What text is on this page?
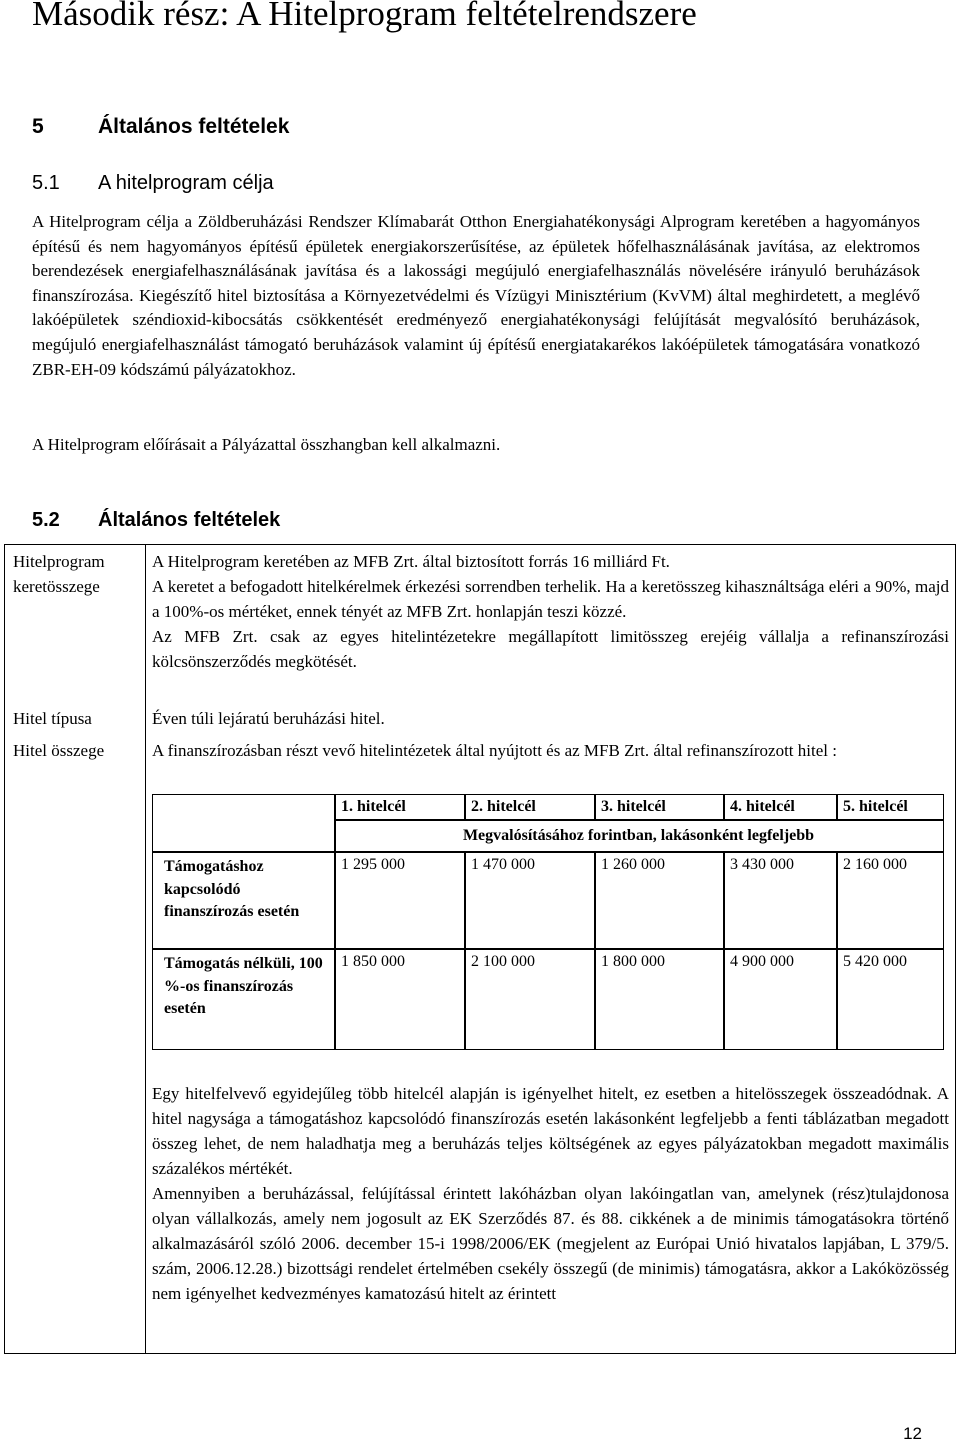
Második rész: A Hitelprogram feltételrendszere
5	Általános feltételek
5.1 A hitelprogram célja

A Hitelprogram célja a Zöldberuházási Rendszer Klímabarát Otthon Energiahatékonysági Alprogram keretében a hagyományos építésű és nem hagyományos építésű épületek energiakorszerűsítése, az épületek hőfelhasználásának javítása, az elektromos berendezések energiafelhasználásának javítása és a lakossági megújuló energiafelhasználás növelésére irányuló beruházások finanszírozása. Kiegészítő hitel biztosítása a Környezetvédelmi és Vízügyi Minisztérium (KvVM) által meghirdetett, a meglévő lakóépületek széndioxid-kibocsátás csökkentését eredményező energiahatékonysági felújítását megvalósító beruházások, megújuló energiafelhasználást támogató beruházások valamint új építésű energiatakarékos lakóépületek támogatására vonatkozó ZBR-EH-09 kódszámú pályázatokhoz.

A Hitelprogram előírásait a Pályázattal összhangban kell alkalmazni.

5.2 Általános feltételek
Hitelprogram
keretösszege

A Hitelprogram keretében az MFB Zrt. által biztosított forrás 16 milliárd Ft.

A keretet a befogadott hitelkérelmek érkezési sorrendben terhelik. Ha a keretösszeg kihasználtsága eléri a 90%, majd a 100%-os mértéket, ennek tényét az MFB Zrt. honlapján teszi közzé.

Az MFB Zrt. csak az egyes hitelintézetekre megállapított limitösszeg erejéig vállalja a refinanszírozási kölcsönszerződés megkötését.

Hitel típusa	Éven túli lejáratú beruházási hitel.
Hitel összege	A finanszírozásban részt vevő hitelintézetek által nyújtott és az MFB Zrt. által refinanszírozott hitel :
1. hitelcél	2. hitelcél	3. hitelcél	4. hitelcél	5. hitelcél
Megvalósításához forintban, lakásonként legfeljebb
Támogatáshoz kapcsolódó finanszírozás esetén
1 295 000	1 470 000	1 260 000	3 430 000	2 160 000
Támogatás nélküli, 100 %-os finanszírozás esetén
1 850 000	2 100 000	1 800 000	4 900 000	5 420 000

Egy hitelfelvevő egyidejűleg több hitelcél alapján is igényelhet hitelt, ez esetben a hitelösszegek összeadódnak. A hitel nagysága a támogatáshoz kapcsolódó finanszírozás esetén lakásonként legfeljebb a fenti táblázatban megadott összeg lehet, de nem haladhatja meg a beruházás teljes költségének az egyes pályázatokban megadott maximális százalékos mértékét.

Amennyiben a beruházással, felújítással érintett lakóházban olyan lakóingatlan van, amelynek (rész)tulajdonosa olyan vállalkozás, amely nem jogosult az EK Szerződés 87. és 88. cikkének a de minimis támogatásokra történő alkalmazásáról szóló 2006. december 15-i 1998/2006/EK (megjelent az Európai Unió hivatalos lapjában, L 379/5. szám, 2006.12.28.) bizottsági rendelet értelmében csekély összegű (de minimis) támogatásra, akkor a Lakóközösség nem igényelhet kedvezményes kamatozású hitelt az érintett

12
